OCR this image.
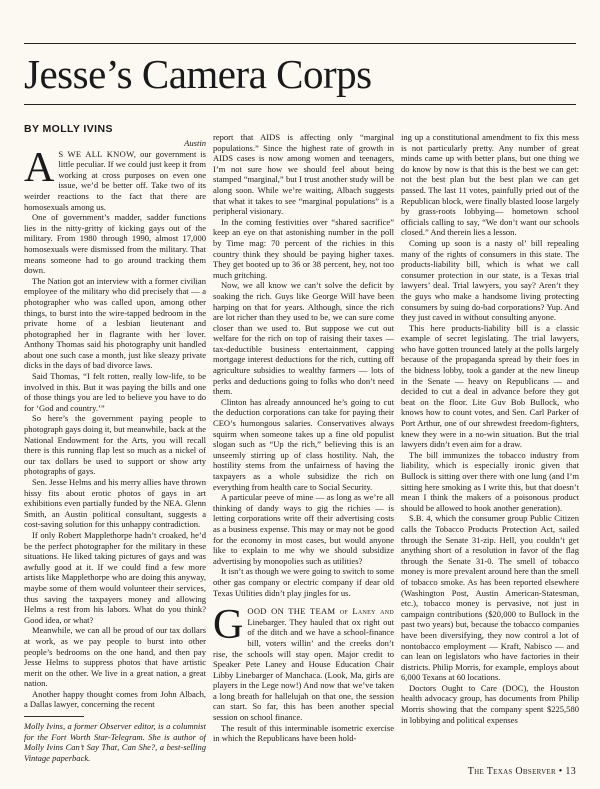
Jesse’s Camera Corps
BY MOLLY IVINS

Austin

A S WE ALL KNOW, our government is little peculiar. If we could just keep it from working at cross purposes on even one issue, we’d be better off. Take two of its weirder reactions to the fact that there are homosexuals among us.

One of government’s madder, sadder functions lies in the nitty-gritty of kicking gays out of the military. From 1980 through 1990, almost 17,000 homosexuals were dismissed from the military. That means someone had to go around tracking them down.

The Nation got an interview with a former civilian employee of the military who did precisely that — a photographer who was called upon, among other things, to burst into the wire-tapped bedroom in the private home of a lesbian lieutenant and photographed her in flagrante with her lover. Anthony Thomas said his photography unit handled about one such case a month, just like sleazy private dicks in the days of bad divorce laws.

Said Thomas, “I felt rotten, really low-life, to be involved in this. But it was paying the bills and one of those things you are led to believe you have to do for ‘God and country.’”

So here’s the government paying people to photograph gays doing it, but meanwhile, back at the National Endowment for the Arts, you will recall there is this running flap lest so much as a nickel of our tax dollars be used to support or show arty photographs of gays.

Sen. Jesse Helms and his merry allies have thrown hissy fits about erotic photos of gays in art exhibitions even partially funded by the NEA. Glenn Smith, an Austin political consultant, suggests a cost-saving solution for this unhappy contradiction.

If only Robert Mapplethorpe hadn’t croaked, he’d be the perfect photographer for the military in these situations. He liked taking pictures of gays and was awfully good at it. If we could find a few more artists like Mapplethorpe who are doing this anyway, maybe some of them would volunteer their services, thus saving the taxpayers money and allowing Helms a rest from his labors. What do you think? Good idea, or what?

Meanwhile, we can all be proud of our tax dollars at work, as we pay people to burst into other people’s bedrooms on the one hand, and then pay Jesse Helms to suppress photos that have artistic merit on the other. We live in a great nation, a great nation.

Another happy thought comes from John Albach, a Dallas lawyer, concerning the recent

Molly Ivins, a former Observer editor, is a columnist for the Fort Worth Star-Telegram. She is author of Molly Ivins Can’t Say That, Can She?, a best-selling Vintage paperback.

report that AIDS is affecting only “marginal populations.” Since the highest rate of growth in AIDS cases is now among women and teenagers, I’m not sure how we should feel about being stamped “marginal,” but I trust another study will be along soon. While we’re waiting, Albach suggests that what it takes to see “marginal populations” is a peripheral visionary.

In the coming festivities over “shared sacrifice” keep an eye on that astonishing number in the poll by Time mag: 70 percent of the richies in this country think they should be paying higher taxes. They get booted up to 36 or 38 percent, hey, not too much gritching.

Now, we all know we can’t solve the deficit by soaking the rich. Guys like George Will have been harping on that for years. Although, since the rich are lot richer than they used to be, we can sure come closer than we used to. But suppose we cut out welfare for the rich on top of raising their taxes — tax-deductible business entertainment, capping mortgage interest deductions for the rich, cutting off agriculture subsidies to wealthy farmers — lots of perks and deductions going to folks who don’t need them.

Clinton has already announced he’s going to cut the deduction corporations can take for paying their CEO’s humongous salaries. Conservatives always squirm when someone takes up a fine old populist slogan such as “Up the rich,” believing this is an unseemly stirring up of class hostility. Nah, the hostility stems from the unfairness of having the taxpayers as a whole subsidize the rich on everything from health care to Social Security.

A particular peeve of mine — as long as we’re all thinking of dandy ways to gig the richies — is letting corporations write off their advertising costs as a business expense. This may or may not be good for the economy in most cases, but would anyone like to explain to me why we should subsidize advertising by monopolies such as utilities?

It isn’t as though we were going to switch to some other gas company or electric company if dear old Texas Utilities didn’t play jingles for us.

GOOD ON THE TEAM of Laney and Linebarger. They hauled that ox right out of the ditch and we have a school-finance bill, voters willin’ and the creeks don’t rise, the schools will stay open. Major credit to Speaker Pete Laney and House Education Chair Libby Linebarger of Manchaca. (Look, Ma, girls are players in the Lege now!) And now that we’ve taken a long breath for hallelujah on that one, the session can start. So far, this has been another special session on school finance.

The result of this interminable isometric exercise in which the Republicans have been hold-

ing up a constitutional amendment to fix this mess is not particularly pretty. Any number of great minds came up with better plans, but one thing we do know by now is that this is the best we can get: not the best plan but the best plan we can get passed. The last 11 votes, painfully pried out of the Republican block, were finally blasted loose largely by grass-roots lobbying— hometown school officials calling to say, “We don’t want our schools closed.” And therein lies a lesson.

Coming up soon is a nasty ol’ bill repealing many of the rights of consumers in this state. The products-liability bill, which is what we call consumer protection in our state, is a Texas trial lawyers’ deal. Trial lawyers, you say? Aren’t they the guys who make a handsome living protecting consumers by suing do-bad corporations? Yup. And they just caved in without consulting anyone.

This here products-liability bill is a classic example of secret legislating. The trial lawyers, who have gotten trounced lately at the polls largely because of the propaganda spread by their foes in the bidness lobby, took a gander at the new lineup in the Senate — heavy on Republicans — and decided to cut a deal in advance before they got beat on the floor. Lite Guv Bob Bullock, who knows how to count votes, and Sen. Carl Parker of Port Arthur, one of our shrewdest freedom-fighters, knew they were in a no-win situation. But the trial lawyers didn’t even aim for a draw.

The bill immunizes the tobacco industry from liability, which is especially ironic given that Bullock is sitting over there with one lung (and I’m sitting here smoking as I write this, but that doesn’t mean I think the makers of a poisonous product should be allowed to hook another generation).

S.B. 4, which the consumer group Public Citizen calls the Tobacco Products Protection Act, sailed through the Senate 31-zip. Hell, you couldn’t get anything short of a resolution in favor of the flag through the Senate 31-0. The smell of tobacco money is more prevalent around here than the smell of tobacco smoke. As has been reported elsewhere (Washington Post, Austin American-Statesman, etc.), tobacco money is pervasive, not just in campaign contributions ($20,000 to Bullock in the past two years) but, because the tobacco companies have been diversifying, they now control a lot of nontobacco employment — Kraft, Nabisco — and can lean on legislators who have factories in their districts. Philip Morris, for example, employs about 6,000 Texans at 60 locations.

Doctors Ought to Care (DOC), the Houston health advocacy group, has documents from Philip Morris showing that the company spent $225,580 in lobbying and political expenses

The Texas Observer • 13
